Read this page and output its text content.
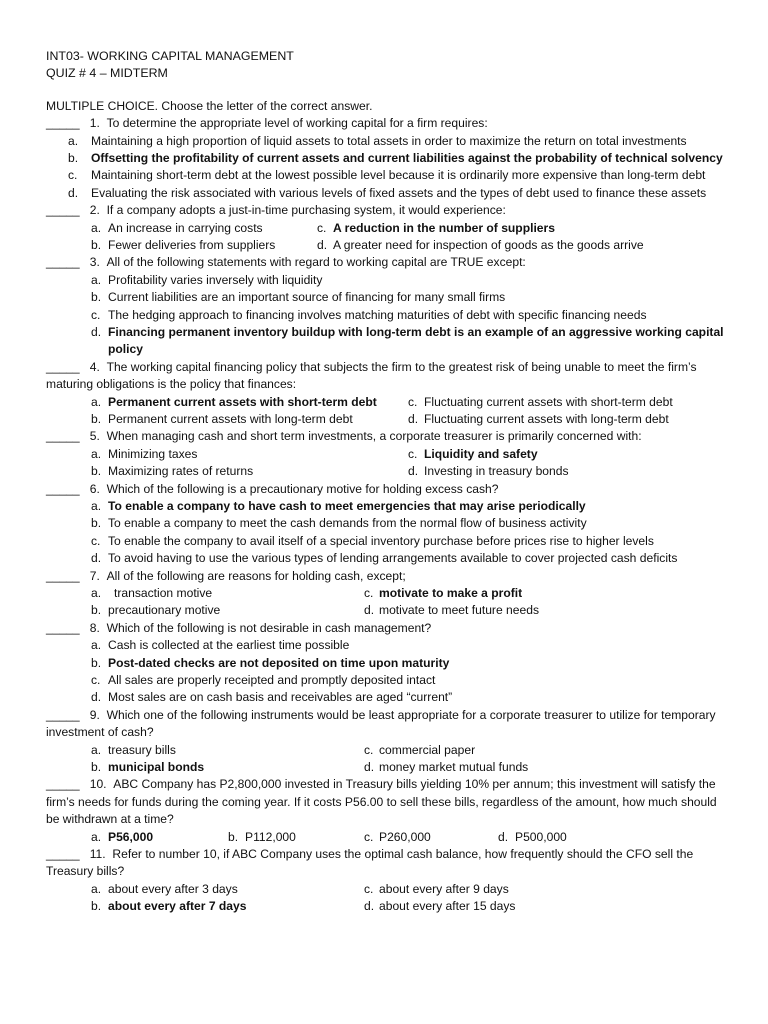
INT03- WORKING CAPITAL MANAGEMENT
QUIZ # 4 – MIDTERM
MULTIPLE CHOICE. Choose the letter of the correct answer.
_____ 1. To determine the appropriate level of working capital for a firm requires:
a. Maintaining a high proportion of liquid assets to total assets in order to maximize the return on total investments
b. Offsetting the profitability of current assets and current liabilities against the probability of technical solvency
c. Maintaining short-term debt at the lowest possible level because it is ordinarily more expensive than long-term debt
d. Evaluating the risk associated with various levels of fixed assets and the types of debt used to finance these assets
_____ 2. If a company adopts a just-in-time purchasing system, it would experience:
a. An increase in carrying costs	c. A reduction in the number of suppliers
b. Fewer deliveries from suppliers	d. A greater need for inspection of goods as the goods arrive
_____ 3. All of the following statements with regard to working capital are TRUE except:
a. Profitability varies inversely with liquidity
b. Current liabilities are an important source of financing for many small firms
c. The hedging approach to financing involves matching maturities of debt with specific financing needs
d. Financing permanent inventory buildup with long-term debt is an example of an aggressive working capital policy
_____ 4. The working capital financing policy that subjects the firm to the greatest risk of being unable to meet the firm’s maturing obligations is the policy that finances:
a. Permanent current assets with short-term debt	c. Fluctuating current assets with short-term debt
b. Permanent current assets with long-term debt	d. Fluctuating current assets with long-term debt
_____ 5. When managing cash and short term investments, a corporate treasurer is primarily concerned with:
a. Minimizing taxes	c. Liquidity and safety
b. Maximizing rates of returns	d. Investing in treasury bonds
_____ 6. Which of the following is a precautionary motive for holding excess cash?
a. To enable a company to have cash to meet emergencies that may arise periodically
b. To enable a company to meet the cash demands from the normal flow of business activity
c. To enable the company to avail itself of a special inventory purchase before prices rise to higher levels
d. To avoid having to use the various types of lending arrangements available to cover projected cash deficits
_____ 7. All of the following are reasons for holding cash, except;
a. transaction motive	c. motivate to make a profit
b. precautionary motive	d. motivate to meet future needs
_____ 8. Which of the following is not desirable in cash management?
a. Cash is collected at the earliest time possible
b. Post-dated checks are not deposited on time upon maturity
c. All sales are properly receipted and promptly deposited intact
d. Most sales are on cash basis and receivables are aged “current”
_____ 9. Which one of the following instruments would be least appropriate for a corporate treasurer to utilize for temporary investment of cash?
a. treasury bills	c. commercial paper
b. municipal bonds	d. money market mutual funds
_____ 10. ABC Company has P2,800,000 invested in Treasury bills yielding 10% per annum; this investment will satisfy the firm’s needs for funds during the coming year. If it costs P56.00 to sell these bills, regardless of the amount, how much should be withdrawn at a time?
a. P56,000	b. P112,000	c. P260,000	d. P500,000
_____ 11. Refer to number 10, if ABC Company uses the optimal cash balance, how frequently should the CFO sell the Treasury bills?
a. about every after 3 days	c. about every after 9 days
b. about every after 7 days	d. about every after 15 days
